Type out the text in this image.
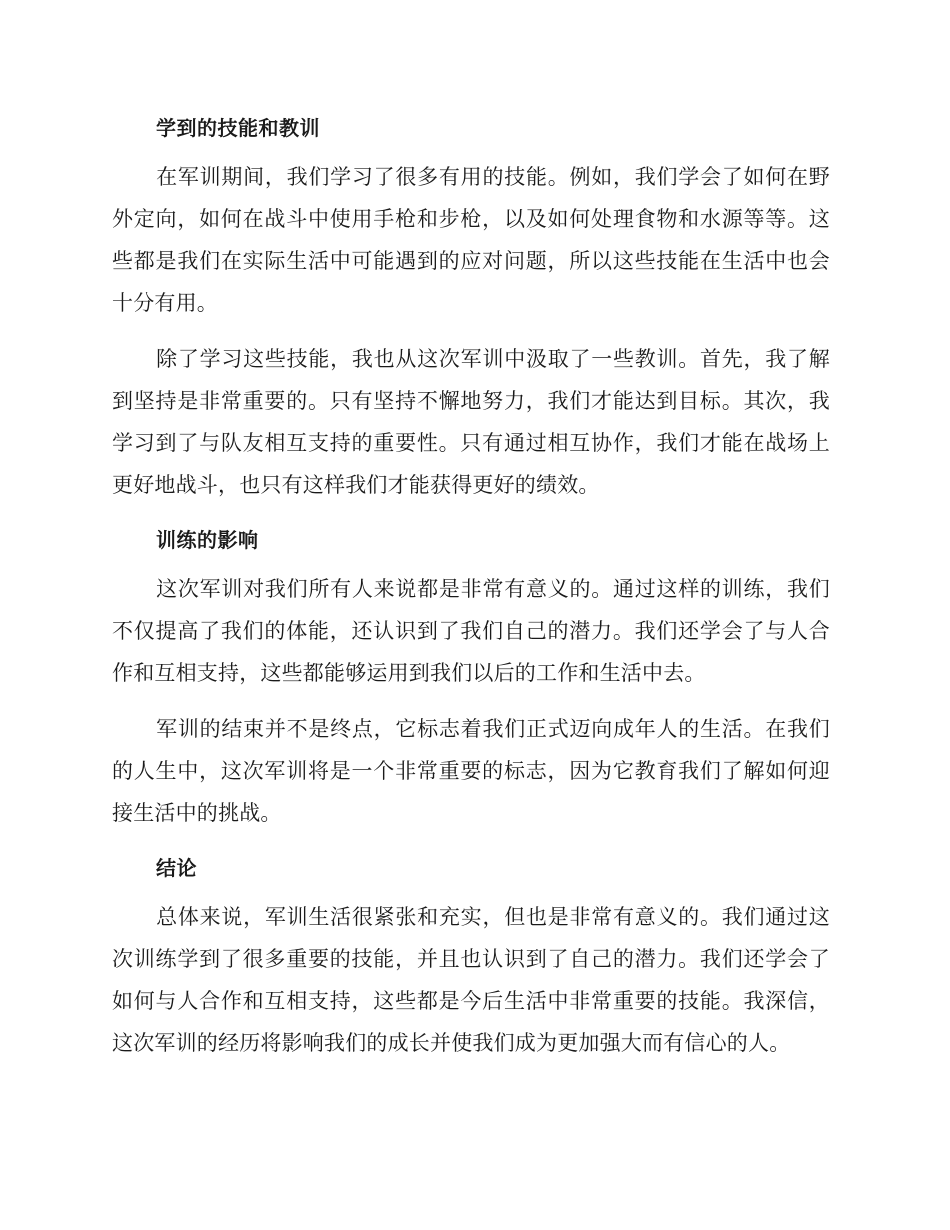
学到的技能和教训

在军训期间，我们学习了很多有用的技能。例如，我们学会了如何在野外定向，如何在战斗中使用手枪和步枪，以及如何处理食物和水源等等。这些都是我们在实际生活中可能遇到的应对问题，所以这些技能在生活中也会十分有用。

除了学习这些技能，我也从这次军训中汲取了一些教训。首先，我了解到坚持是非常重要的。只有坚持不懈地努力，我们才能达到目标。其次，我学习到了与队友相互支持的重要性。只有通过相互协作，我们才能在战场上更好地战斗，也只有这样我们才能获得更好的绩效。

训练的影响

这次军训对我们所有人来说都是非常有意义的。通过这样的训练，我们不仅提高了我们的体能，还认识到了我们自己的潜力。我们还学会了与人合作和互相支持，这些都能够运用到我们以后的工作和生活中去。

军训的结束并不是终点，它标志着我们正式迈向成年人的生活。在我们的人生中，这次军训将是一个非常重要的标志，因为它教育我们了解如何迎接生活中的挑战。

结论

总体来说，军训生活很紧张和充实，但也是非常有意义的。我们通过这次训练学到了很多重要的技能，并且也认识到了自己的潜力。我们还学会了如何与人合作和互相支持，这些都是今后生活中非常重要的技能。我深信，这次军训的经历将影响我们的成长并使我们成为更加强大而有信心的人。
